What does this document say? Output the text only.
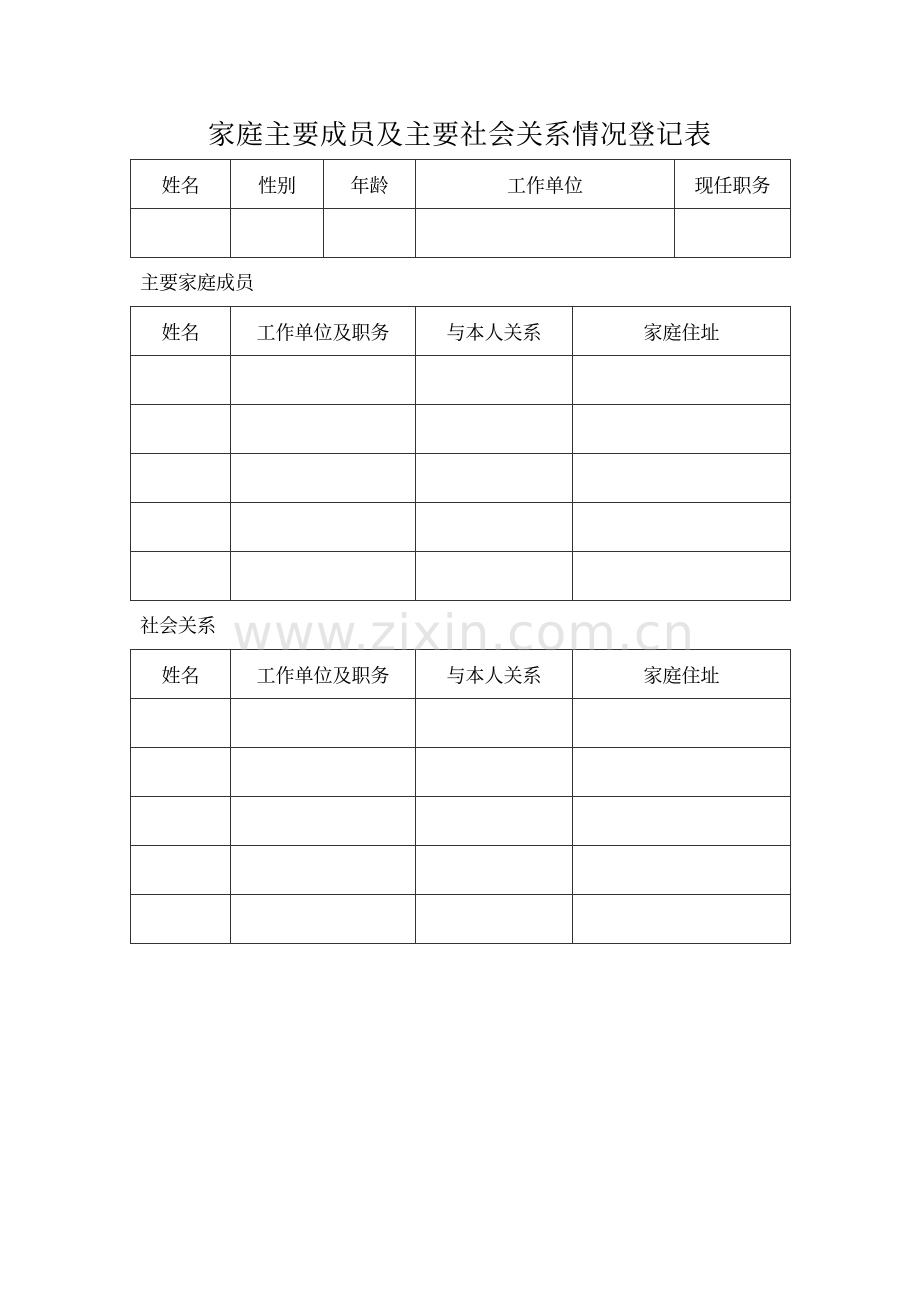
家庭主要成员及主要社会关系情况登记表
姓名	性别	年龄	工作单位	现任职务

主要家庭成员
姓名	工作单位及职务	与本人关系	家庭住址

社会关系
姓名	工作单位及职务	与本人关系	家庭住址

www.zixin.com.cn
